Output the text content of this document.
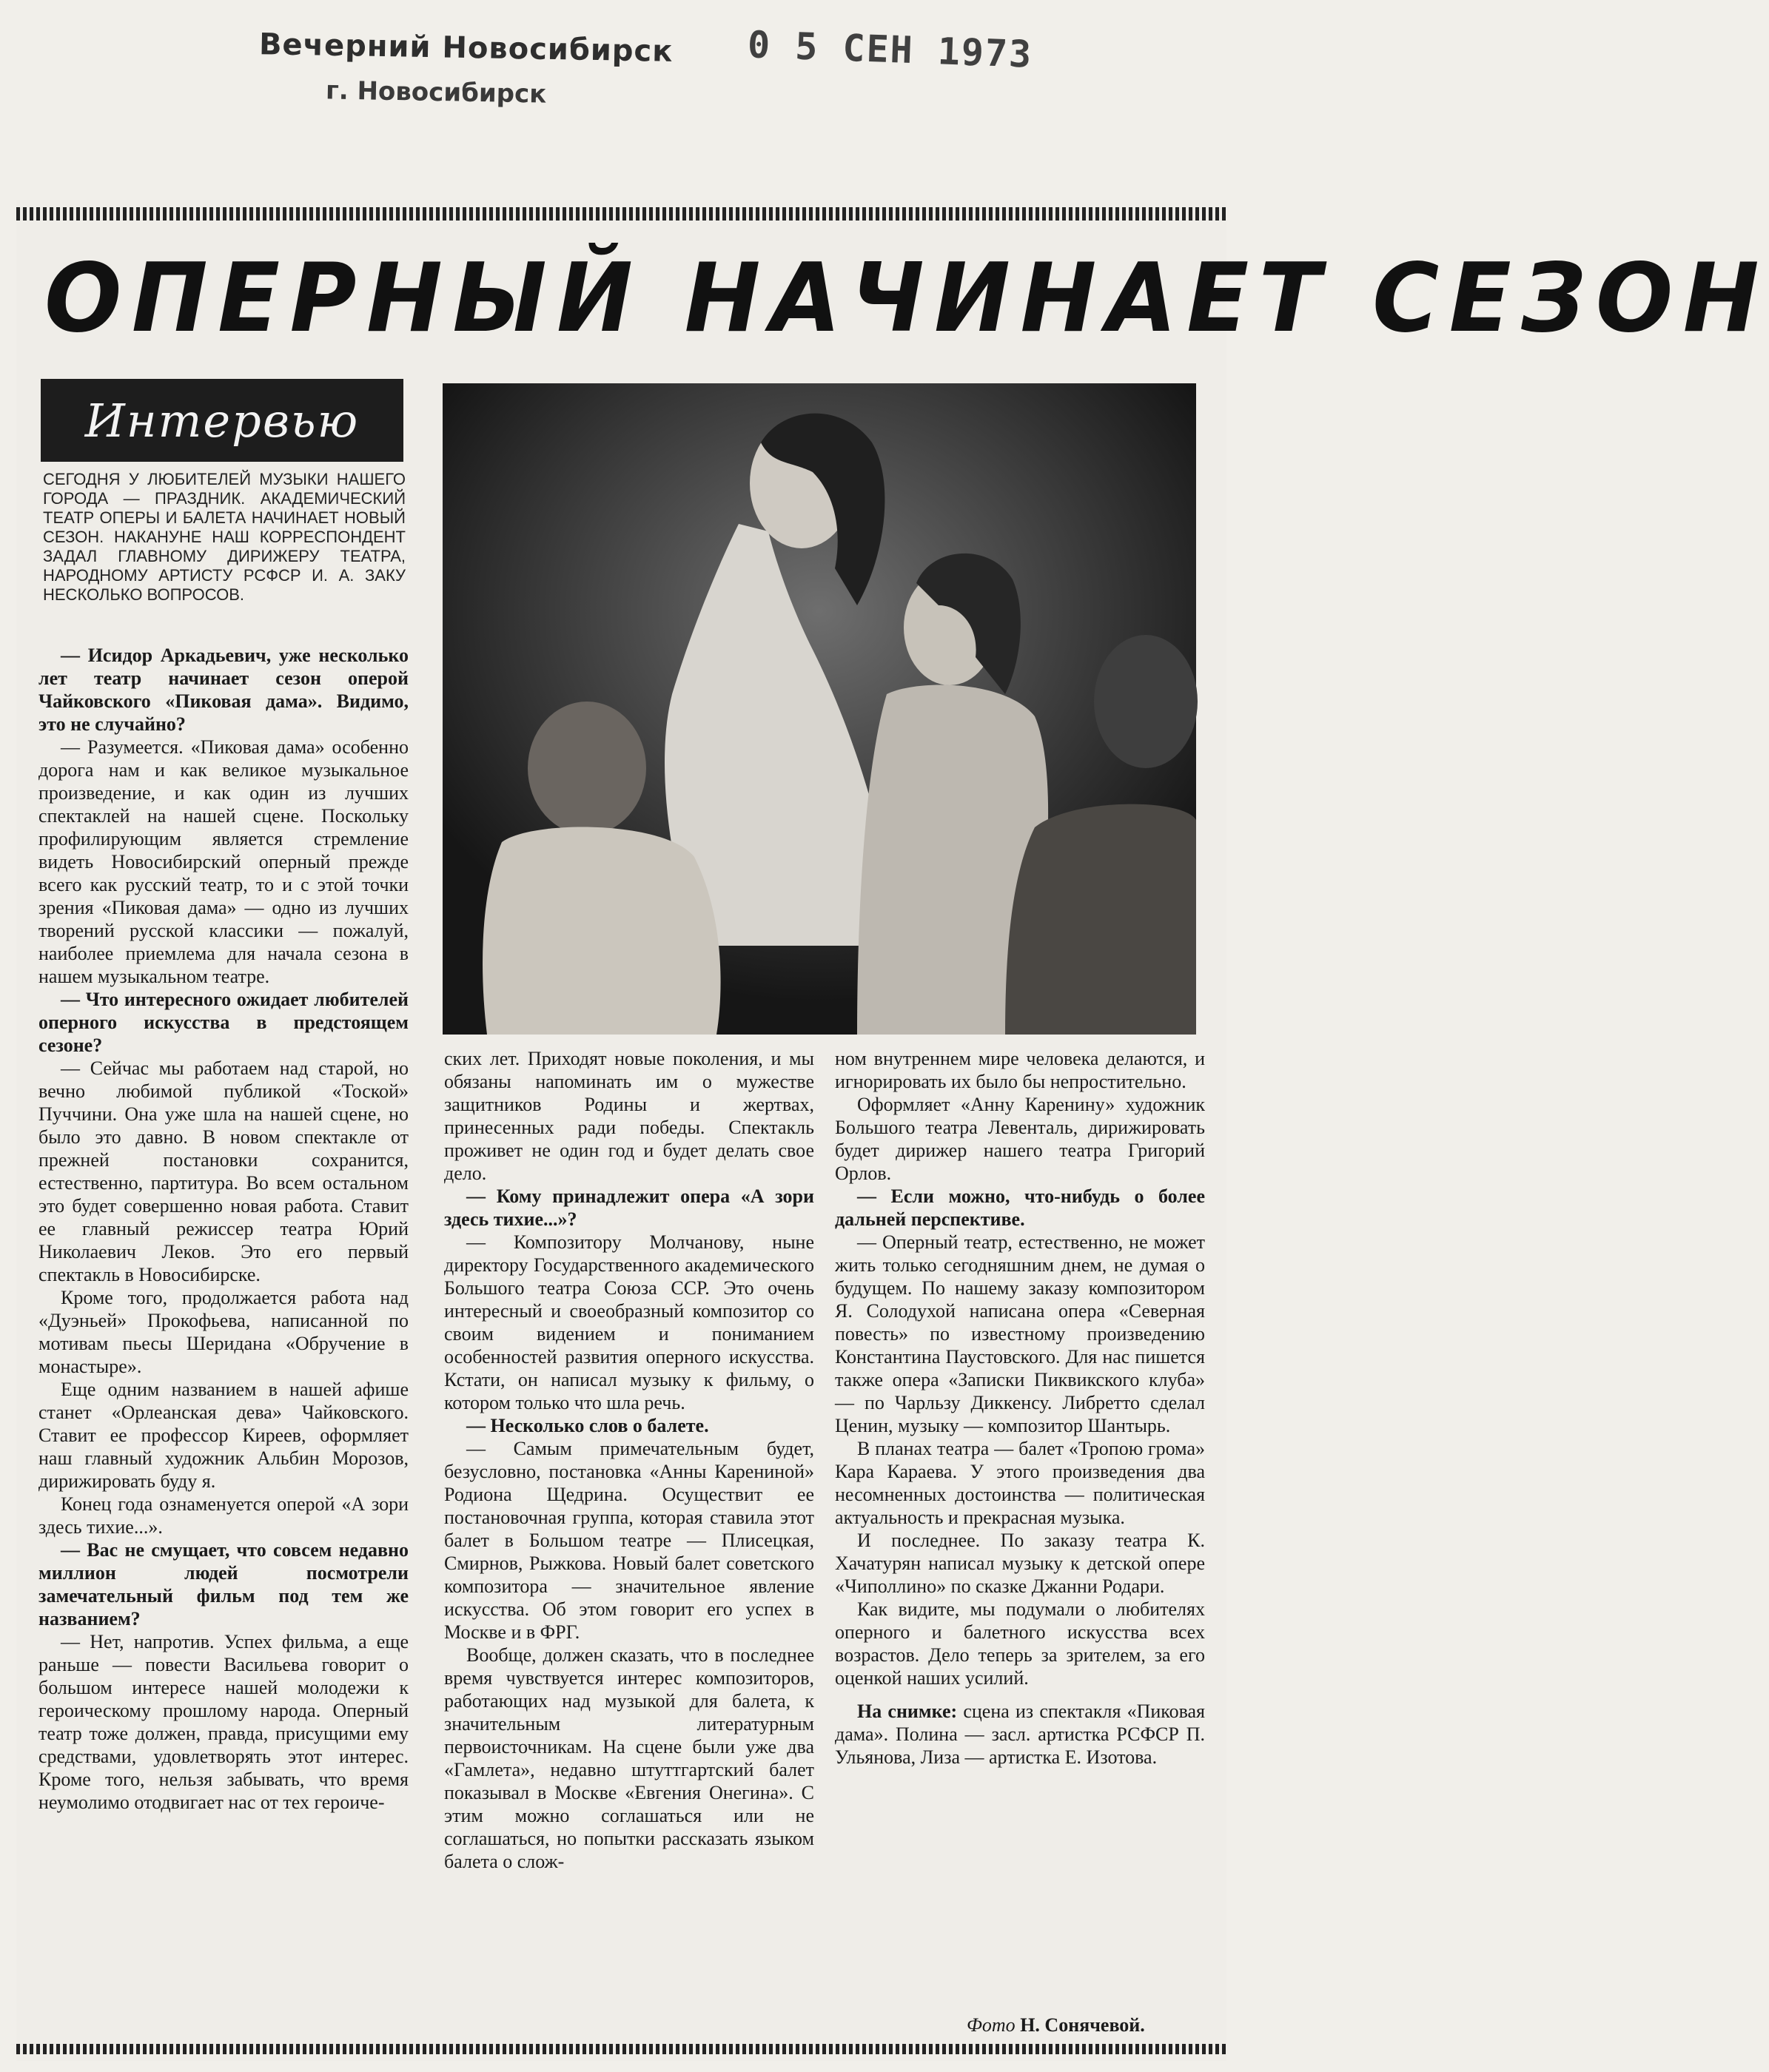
Вечерний Новосибирск
г. Новосибирск
0 5 СЕН 1973
ОПЕРНЫЙ НАЧИНАЕТ СЕЗОН
Интервью

СЕГОДНЯ У ЛЮБИТЕЛЕЙ МУЗЫКИ НАШЕГО ГОРОДА — ПРАЗДНИК. АКАДЕМИЧЕСКИЙ ТЕАТР ОПЕРЫ И БАЛЕТА НАЧИНАЕТ НОВЫЙ СЕЗОН. НАКАНУНЕ НАШ КОРРЕСПОНДЕНТ ЗАДАЛ ГЛАВНОМУ ДИРИЖЕРУ ТЕАТРА, НАРОДНОМУ АРТИСТУ РСФСР И. А. ЗАКУ НЕСКОЛЬКО ВОПРОСОВ.

— Исидор Аркадьевич, уже несколько лет театр начинает сезон оперой Чайковского «Пиковая дама». Видимо, это не случайно?

— Разумеется. «Пиковая дама» особенно дорога нам и как великое музыкальное произведение, и как один из лучших спектаклей на нашей сцене. Поскольку профилирующим является стремление видеть Новосибирский оперный прежде всего как русский театр, то и с этой точки зрения «Пиковая дама» — одно из лучших творений русской классики — пожалуй, наиболее приемлема для начала сезона в нашем музыкальном театре.

— Что интересного ожидает любителей оперного искусства в предстоящем сезоне?

— Сейчас мы работаем над старой, но вечно любимой публикой «Тоской» Пуччини. Она уже шла на нашей сцене, но было это давно. В новом спектакле от прежней постановки сохранится, естественно, партитура. Во всем остальном это будет совершенно новая работа. Ставит ее главный режиссер театра Юрий Николаевич Леков. Это его первый спектакль в Новосибирске.

Кроме того, продолжается работа над «Дуэньей» Прокофьева, написанной по мотивам пьесы Шеридана «Обручение в монастыре».

Еще одним названием в нашей афише станет «Орлеанская дева» Чайковского. Ставит ее профессор Киреев, оформляет наш главный художник Альбин Морозов, дирижировать буду я.

Конец года ознаменуется оперой «А зори здесь тихие...».

— Вас не смущает, что совсем недавно миллион людей посмотрели замечательный фильм под тем же названием?

— Нет, напротив. Успех фильма, а еще раньше — повести Васильева говорит о большом интересе нашей молодежи к героическому прошлому народа. Оперный театр тоже должен, правда, присущими ему средствами, удовлетворять этот интерес. Кроме того, нельзя забывать, что время неумолимо отодвигает нас от тех героиче-

ских лет. Приходят новые поколения, и мы обязаны напоминать им о мужестве защитников Родины и жертвах, принесенных ради победы. Спектакль проживет не один год и будет делать свое дело.

— Кому принадлежит опера «А зори здесь тихие...»?

— Композитору Молчанову, ныне директору Государственного академического Большого театра Союза ССР. Это очень интересный и своеобразный композитор со своим видением и пониманием особенностей развития оперного искусства. Кстати, он написал музыку к фильму, о котором только что шла речь.

— Несколько слов о балете.

— Самым примечательным будет, безусловно, постановка «Анны Карениной» Родиона Щедрина. Осуществит ее постановочная группа, которая ставила этот балет в Большом театре — Плисецкая, Смирнов, Рыжкова. Новый балет советского композитора — значительное явление искусства. Об этом говорит его успех в Москве и в ФРГ.

Вообще, должен сказать, что в последнее время чувствуется интерес композиторов, работающих над музыкой для балета, к значительным литературным первоисточникам. На сцене были уже два «Гамлета», недавно штуттгартский балет показывал в Москве «Евгения Онегина». С этим можно соглашаться или не соглашаться, но попытки рассказать языком балета о слож-

ном внутреннем мире человека делаются, и игнорировать их было бы непростительно.

Оформляет «Анну Каренину» художник Большого театра Левенталь, дирижировать будет дирижер нашего театра Григорий Орлов.

— Если можно, что-нибудь о более дальней перспективе.

— Оперный театр, естественно, не может жить только сегодняшним днем, не думая о будущем. По нашему заказу композитором Я. Солодухой написана опера «Северная повесть» по известному произведению Константина Паустовского. Для нас пишется также опера «Записки Пиквикского клуба» — по Чарльзу Диккенсу. Либретто сделал Ценин, музыку — композитор Шантырь.

В планах театра — балет «Тропою грома» Кара Караева. У этого произведения два несомненных достоинства — политическая актуальность и прекрасная музыка.

И последнее. По заказу театра К. Хачатурян написал музыку к детской опере «Чиполлино» по сказке Джанни Родари.

Как видите, мы подумали о любителях оперного и балетного искусства всех возрастов. Дело теперь за зрителем, за его оценкой наших усилий.

На снимке: сцена из спектакля «Пиковая дама». Полина — засл. артистка РСФСР П. Ульянова, Лиза — артистка Е. Изотова.

Фото Н. Сонячевой.
